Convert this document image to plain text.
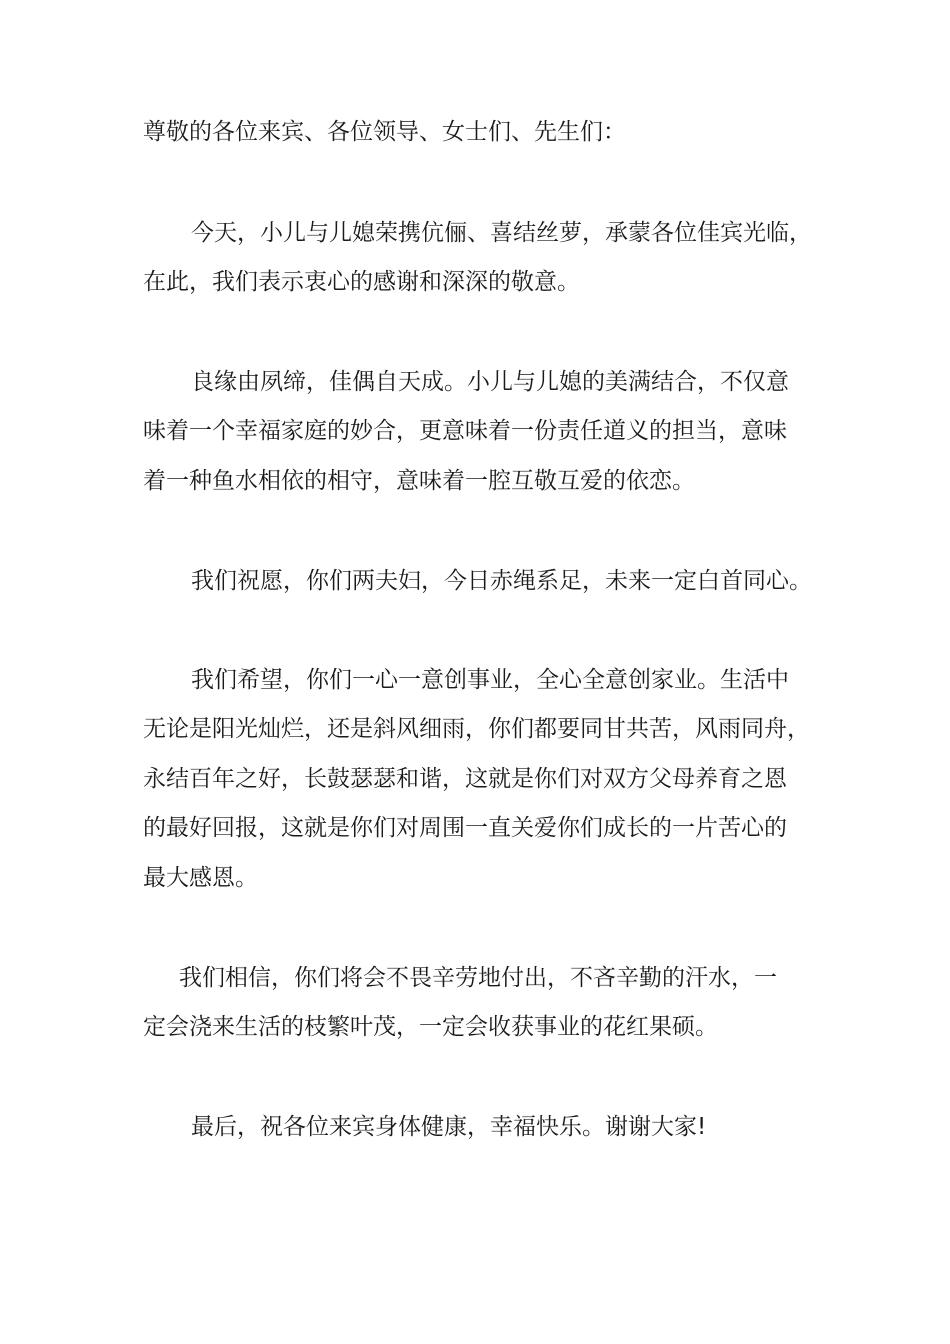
尊敬的各位来宾、各位领导、女士们、先生们：

今天，小儿与儿媳荣携伉俪、喜结丝萝，承蒙各位佳宾光临，

在此，我们表示衷心的感谢和深深的敬意。

良缘由夙缔，佳偶自天成。小儿与儿媳的美满结合，不仅意

味着一个幸福家庭的妙合，更意味着一份责任道义的担当，意味

着一种鱼水相依的相守，意味着一腔互敬互爱的依恋。

我们祝愿，你们两夫妇，今日赤绳系足，未来一定白首同心。

我们希望，你们一心一意创事业，全心全意创家业。生活中

无论是阳光灿烂，还是斜风细雨，你们都要同甘共苦，风雨同舟，

永结百年之好，长鼓瑟瑟和谐，这就是你们对双方父母养育之恩

的最好回报，这就是你们对周围一直关爱你们成长的一片苦心的

最大感恩。

我们相信，你们将会不畏辛劳地付出，不吝辛勤的汗水，一

定会浇来生活的枝繁叶茂，一定会收获事业的花红果硕。

最后，祝各位来宾身体健康，幸福快乐。谢谢大家!
